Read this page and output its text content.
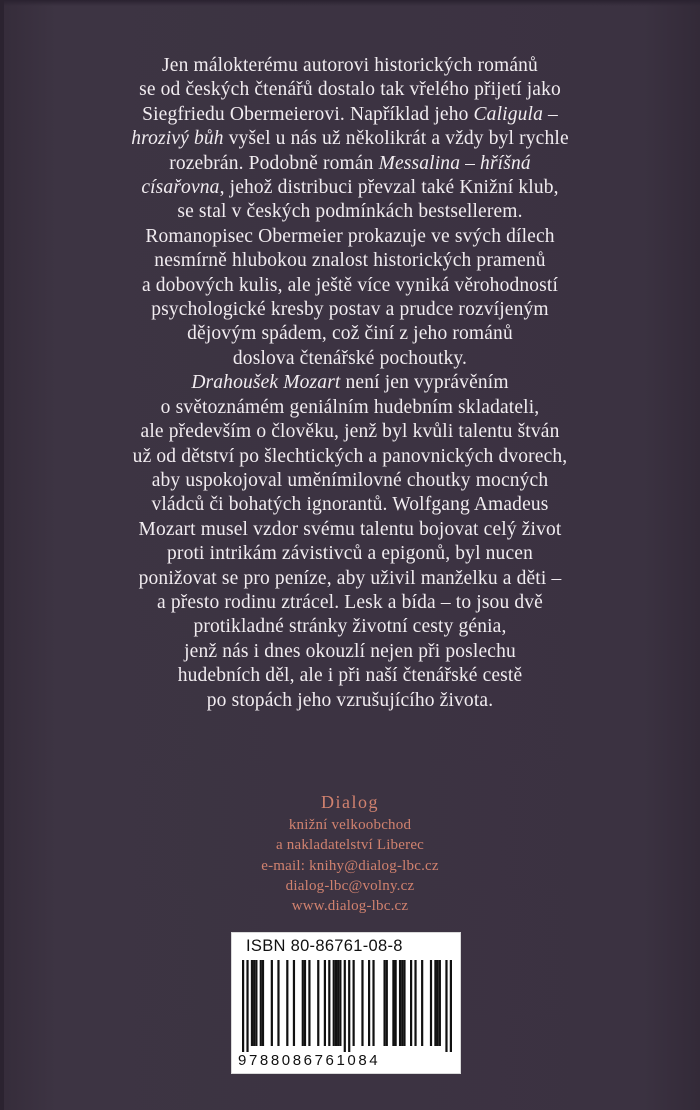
Jen málokterému autorovi historických románů
se od českých čtenářů dostalo tak vřelého přijetí jako
Siegfriedu Obermeierovi. Například jeho Caligula –
hrozivý bůh vyšel u nás už několikrát a vždy byl rychle
rozebrán. Podobně román Messalina – hříšná
císařovna, jehož distribuci převzal také Knižní klub,
se stal v českých podmínkách bestsellerem.
Romanopisec Obermeier prokazuje ve svých dílech
nesmírně hlubokou znalost historických pramenů
a dobových kulis, ale ještě více vyniká věrohodností
psychologické kresby postav a prudce rozvíjeným
dějovým spádem, což činí z jeho románů
doslova čtenářské pochoutky.
Drahoušek Mozart není jen vyprávěním
o světoznámém geniálním hudebním skladateli,
ale především o člověku, jenž byl kvůli talentu štván
už od dětství po šlechtických a panovnických dvorech,
aby uspokojoval uměnímilovné choutky mocných
vládců či bohatých ignorantů. Wolfgang Amadeus
Mozart musel vzdor svému talentu bojovat celý život
proti intrikám závistivců a epigonů, byl nucen
ponižovat se pro peníze, aby uživil manželku a děti –
a přesto rodinu ztrácel. Lesk a bída – to jsou dvě
protikladné stránky životní cesty génia,
jenž nás i dnes okouzlí nejen při poslechu
hudebních děl, ale i při naší čtenářské cestě
po stopách jeho vzrušujícího života.
Dialog
knižní velkoobchod
a nakladatelství Liberec
e-mail: knihy@dialog-lbc.cz
dialog-lbc@volny.cz
www.dialog-lbc.cz
ISBN 80-86761-08-8
9788086761084
